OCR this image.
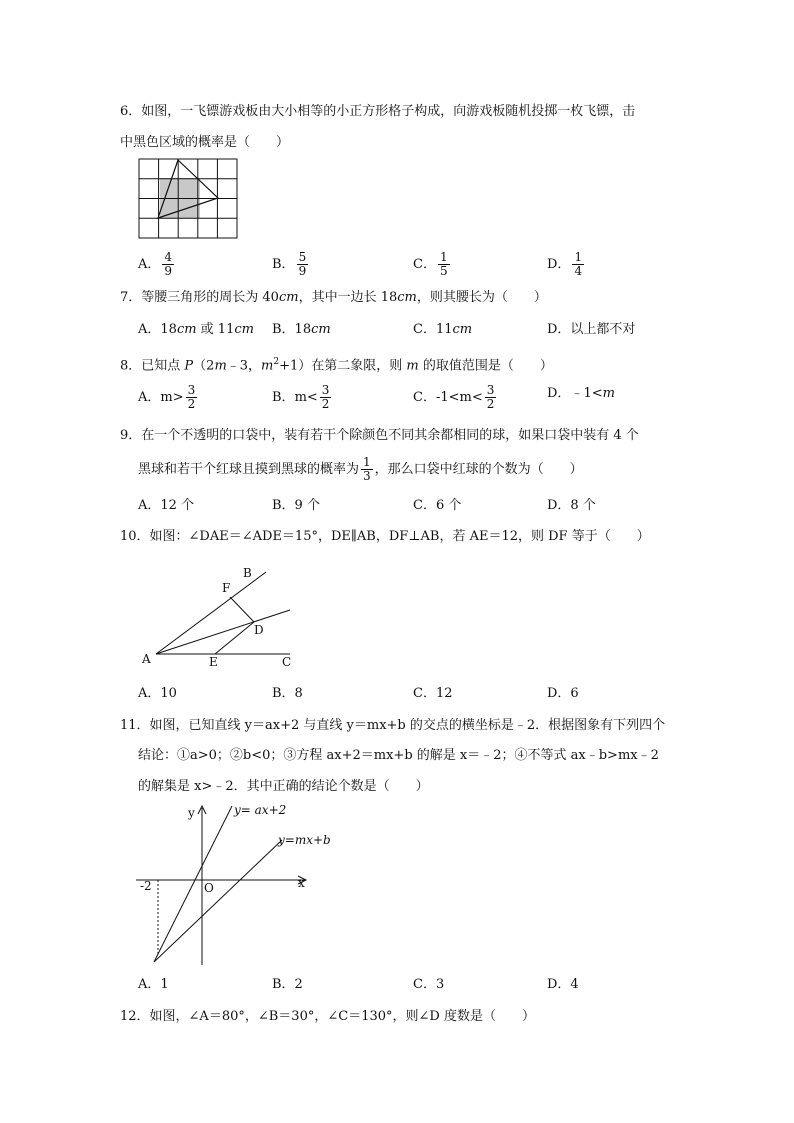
6．如图，一飞镖游戏板由大小相等的小正方形格子构成，向游戏板随机投掷一枚飞镖，击
中黑色区域的概率是（　　）
A． $\frac{4}{9}$	B． $\frac{5}{9}$	C． $\frac{1}{5}$	D． $\frac{1}{4}$
7．等腰三角形的周长为 40cm，其中一边长 18cm，则其腰长为（　　）
A．18cm 或 11cm B．18cm	C．11cm	D．以上都不对
8．已知点 P（2m﹣3，$m^2+1$）在第二象限，则 m 的取值范围是（　　）
A．$m> \frac{3}{2}$	B．$m< \frac{3}{2}$	C．$-1<m< \frac{3}{2}$	D．﹣1<m
9．在一个不透明的口袋中，装有若干个除颜色不同其余都相同的球，如果口袋中装有 4 个
黑球和若干个红球且摸到黑球的概率为 $\frac{1}{3}$ ，那么口袋中红球的个数为（　　）
A．12 个	B．9 个	C．6 个	D．8 个
10．如图：∠DAE＝∠ADE＝15°，DE∥AB，DF⊥AB，若 AE＝12，则 DF 等于（　　）
A
B
C
D
E
F
A．10	B．8	C．12	D．6
11．如图，已知直线 y＝ax+2 与直线 y＝mx+b 的交点的横坐标是﹣2．根据图象有下列四个
结论：①a>0；②b<0；③方程 ax+2＝mx+b 的解是 x＝﹣2；④不等式 ax﹣b>mx﹣2
的解集是 x>﹣2．其中正确的结论个数是（　　）
y
x
O
-2
y= ax+2
y=mx+b
A．1	B．2	C．3	D．4
12．如图，∠A＝80°，∠B＝30°，∠C＝130°，则∠D 度数是（　　）
